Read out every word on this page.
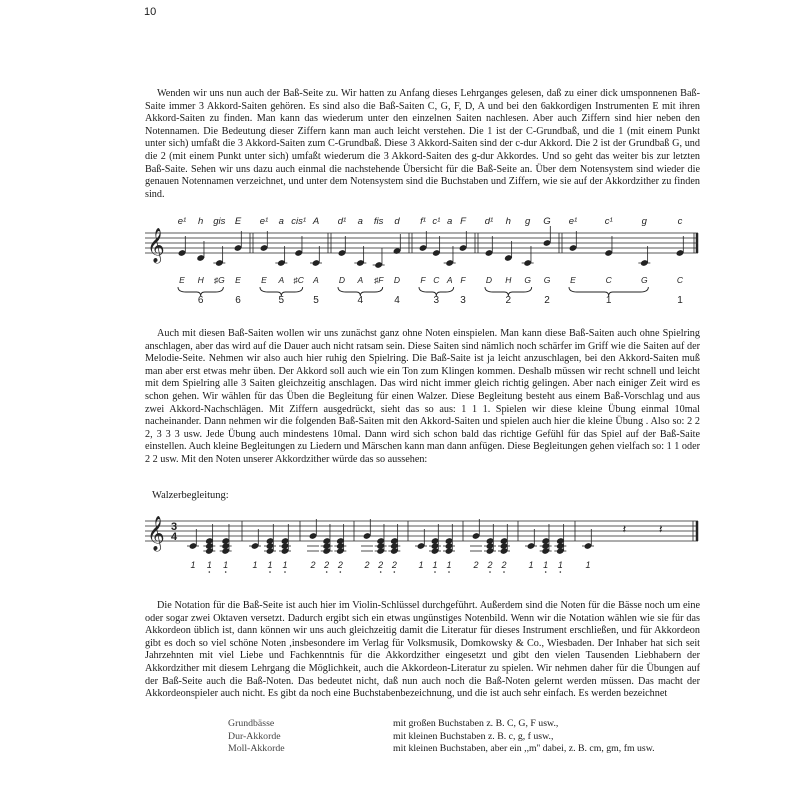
10

Wenden wir uns nun auch der Baß-Seite zu. Wir hatten zu Anfang dieses Lehrganges gelesen, daß zu einer dick umsponnenen Baß-Saite immer 3 Akkord-Saiten gehören. Es sind also die Baß-Saiten C, G, F, D, A und bei den 6akkordigen Instrumenten E mit ihren Akkord-Saiten zu finden. Man kann das wiederum unter den einzelnen Saiten nachlesen. Aber auch Ziffern sind hier neben den Notennamen. Die Bedeutung dieser Ziffern kann man auch leicht verstehen. Die 1 ist der C-Grundbaß, und die 1 (mit einem Punkt unter sich) umfaßt die 3 Akkord-Saiten zum C-Grundbaß. Diese 3 Akkord-Saiten sind der c-dur Akkord. Die 2 ist der Grundbaß G, und die 2 (mit einem Punkt unter sich) umfaßt wiederum die 3 Akkord-Saiten des g-dur Akkordes. Und so geht das weiter bis zur letzten Baß-Saite. Sehen wir uns dazu auch einmal die nachstehende Übersicht für die Baß-Seite an. Über dem Notensystem sind wieder die genauen Notennamen verzeichnet, und unter dem Notensystem sind die Buchstaben und Ziffern, wie sie auf der Akkordzither zu finden sind.

𝄞
e¹
E
h
H
gis
♯G
E
E
6	6
e¹
E
a
A
cis¹
♯C
A
A
5	5
d¹
D
a
A
fis
♯F
d
D
4	4
f¹
F
c¹
C
a
A
F
F
3 3
d¹
D
h
H
g
G
G
G
2	2
e¹
E
c¹
C
g
G
c
C
1	1

Auch mit diesen Baß-Saiten wollen wir uns zunächst ganz ohne Noten einspielen. Man kann diese Baß-Saiten auch ohne Spielring anschlagen, aber das wird auf die Dauer auch nicht ratsam sein. Diese Saiten sind nämlich noch schärfer im Griff wie die Saiten auf der Melodie-Seite. Nehmen wir also auch hier ruhig den Spielring. Die Baß-Saite ist ja leicht anzuschlagen, bei den Akkord-Saiten muß man aber erst etwas mehr üben. Der Akkord soll auch wie ein Ton zum Klingen kommen. Deshalb müssen wir recht schnell und leicht mit dem Spielring alle 3 Saiten gleichzeitig anschlagen. Das wird nicht immer gleich richtig gelingen. Aber nach einiger Zeit wird es schon gehen. Wir wählen für das Üben die Begleitung für einen Walzer. Diese Begleitung besteht aus einem Baß-Vorschlag und aus zwei Akkord-Nachschlägen. Mit Ziffern ausgedrückt, sieht das so aus: 1 1 1. Spielen wir diese kleine Übung einmal 10mal nacheinander. Dann nehmen wir die folgenden Baß-Saiten mit den Akkord-Saiten und spielen auch hier die kleine Übung . Also so: 2 2 2, 3 3 3 usw. Jede Übung auch mindestens 10mal. Dann wird sich schon bald das richtige Gefühl für das Spiel auf der Baß-Saite einstellen. Auch kleine Begleitungen zu Liedern und Märschen kann man dann anfügen. Diese Begleitungen gehen vielfach so: 1 1 oder 2 2 usw. Mit den Noten unserer Akkordzither würde das so aussehen:

Walzerbegleitung:
𝄞 3
4
1 1 1	1 1 1	2 2 2 2 2 2 1 1 1 2 2 2 1 1 1	1
𝄽	𝄽

Die Notation für die Baß-Seite ist auch hier im Violin-Schlüssel durchgeführt. Außerdem sind die Noten für die Bässe noch um eine oder sogar zwei Oktaven versetzt. Dadurch ergibt sich ein etwas ungünstiges Notenbild. Wenn wir die Notation wählen wie sie für das Akkordeon üblich ist, dann können wir uns auch gleichzeitig damit die Literatur für dieses Instrument erschließen, und für Akkordeon gibt es doch so viel schöne Noten ,insbesondere im Verlag für Volksmusik, Domkowsky & Co., Wiesbaden. Der Inhaber hat sich seit Jahrzehnten mit viel Liebe und Fachkenntnis für die Akkordzither eingesetzt und gibt den vielen Tausenden Liebhabern der Akkordzither mit diesem Lehrgang die Möglichkeit, auch die Akkordeon-Literatur zu spielen. Wir nehmen daher für die Übungen auf der Baß-Seite auch die Baß-Noten. Das bedeutet nicht, daß nun auch noch die Baß-Noten gelernt werden müssen. Das macht der Akkordeonspieler auch nicht. Es gibt da noch eine Buchstabenbezeichnung, und die ist auch sehr einfach. Es werden bezeichnet

Grundbässe	mit großen Buchstaben z. B. C, G, F usw.,
Dur-Akkorde	mit kleinen Buchstaben z. B. c, g, f usw.,
Moll-Akkorde	mit kleinen Buchstaben, aber ein ,,m'' dabei, z. B. cm, gm, fm usw.
